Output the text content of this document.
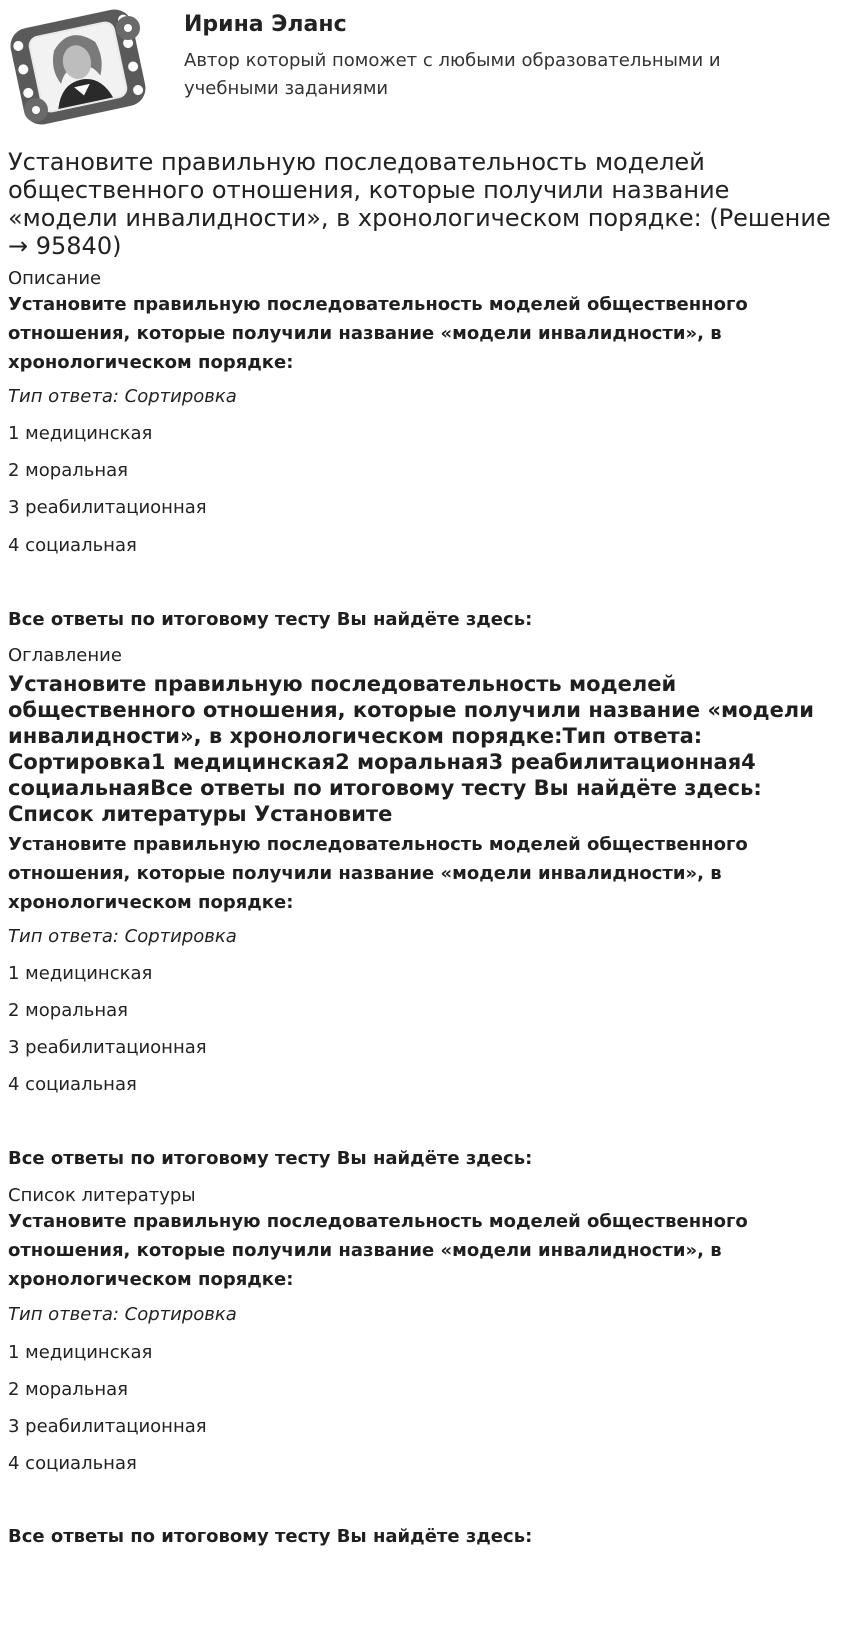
Ирина Эланс
Автор который поможет с любыми образовательными и учебными заданиями
Установите правильную последовательность моделей общественного отношения, которые получили название «модели инвалидности», в хронологическом порядке: (Решение → 95840)

Описание

Установите правильную последовательность моделей общественного отношения, которые получили название «модели инвалидности», в хронологическом порядке:

Тип ответа: Сортировка

1 медицинская

2 моральная

3 реабилитационная

4 социальная

Все ответы по итоговому тесту Вы найдёте здесь:

Оглавление

Установите правильную последовательность моделей общественного отношения, которые получили название «модели инвалидности», в хронологическом порядке:Тип ответа: Сортировка1 медицинская2 моральная3 реабилитационная4 социальнаяВсе ответы по итоговому тесту Вы найдёте здесь: Список литературы Установите

Установите правильную последовательность моделей общественного отношения, которые получили название «модели инвалидности», в хронологическом порядке:

Тип ответа: Сортировка

1 медицинская

2 моральная

3 реабилитационная

4 социальная

Все ответы по итоговому тесту Вы найдёте здесь:

Список литературы

Установите правильную последовательность моделей общественного отношения, которые получили название «модели инвалидности», в хронологическом порядке:

Тип ответа: Сортировка

1 медицинская

2 моральная

3 реабилитационная

4 социальная

Все ответы по итоговому тесту Вы найдёте здесь:
